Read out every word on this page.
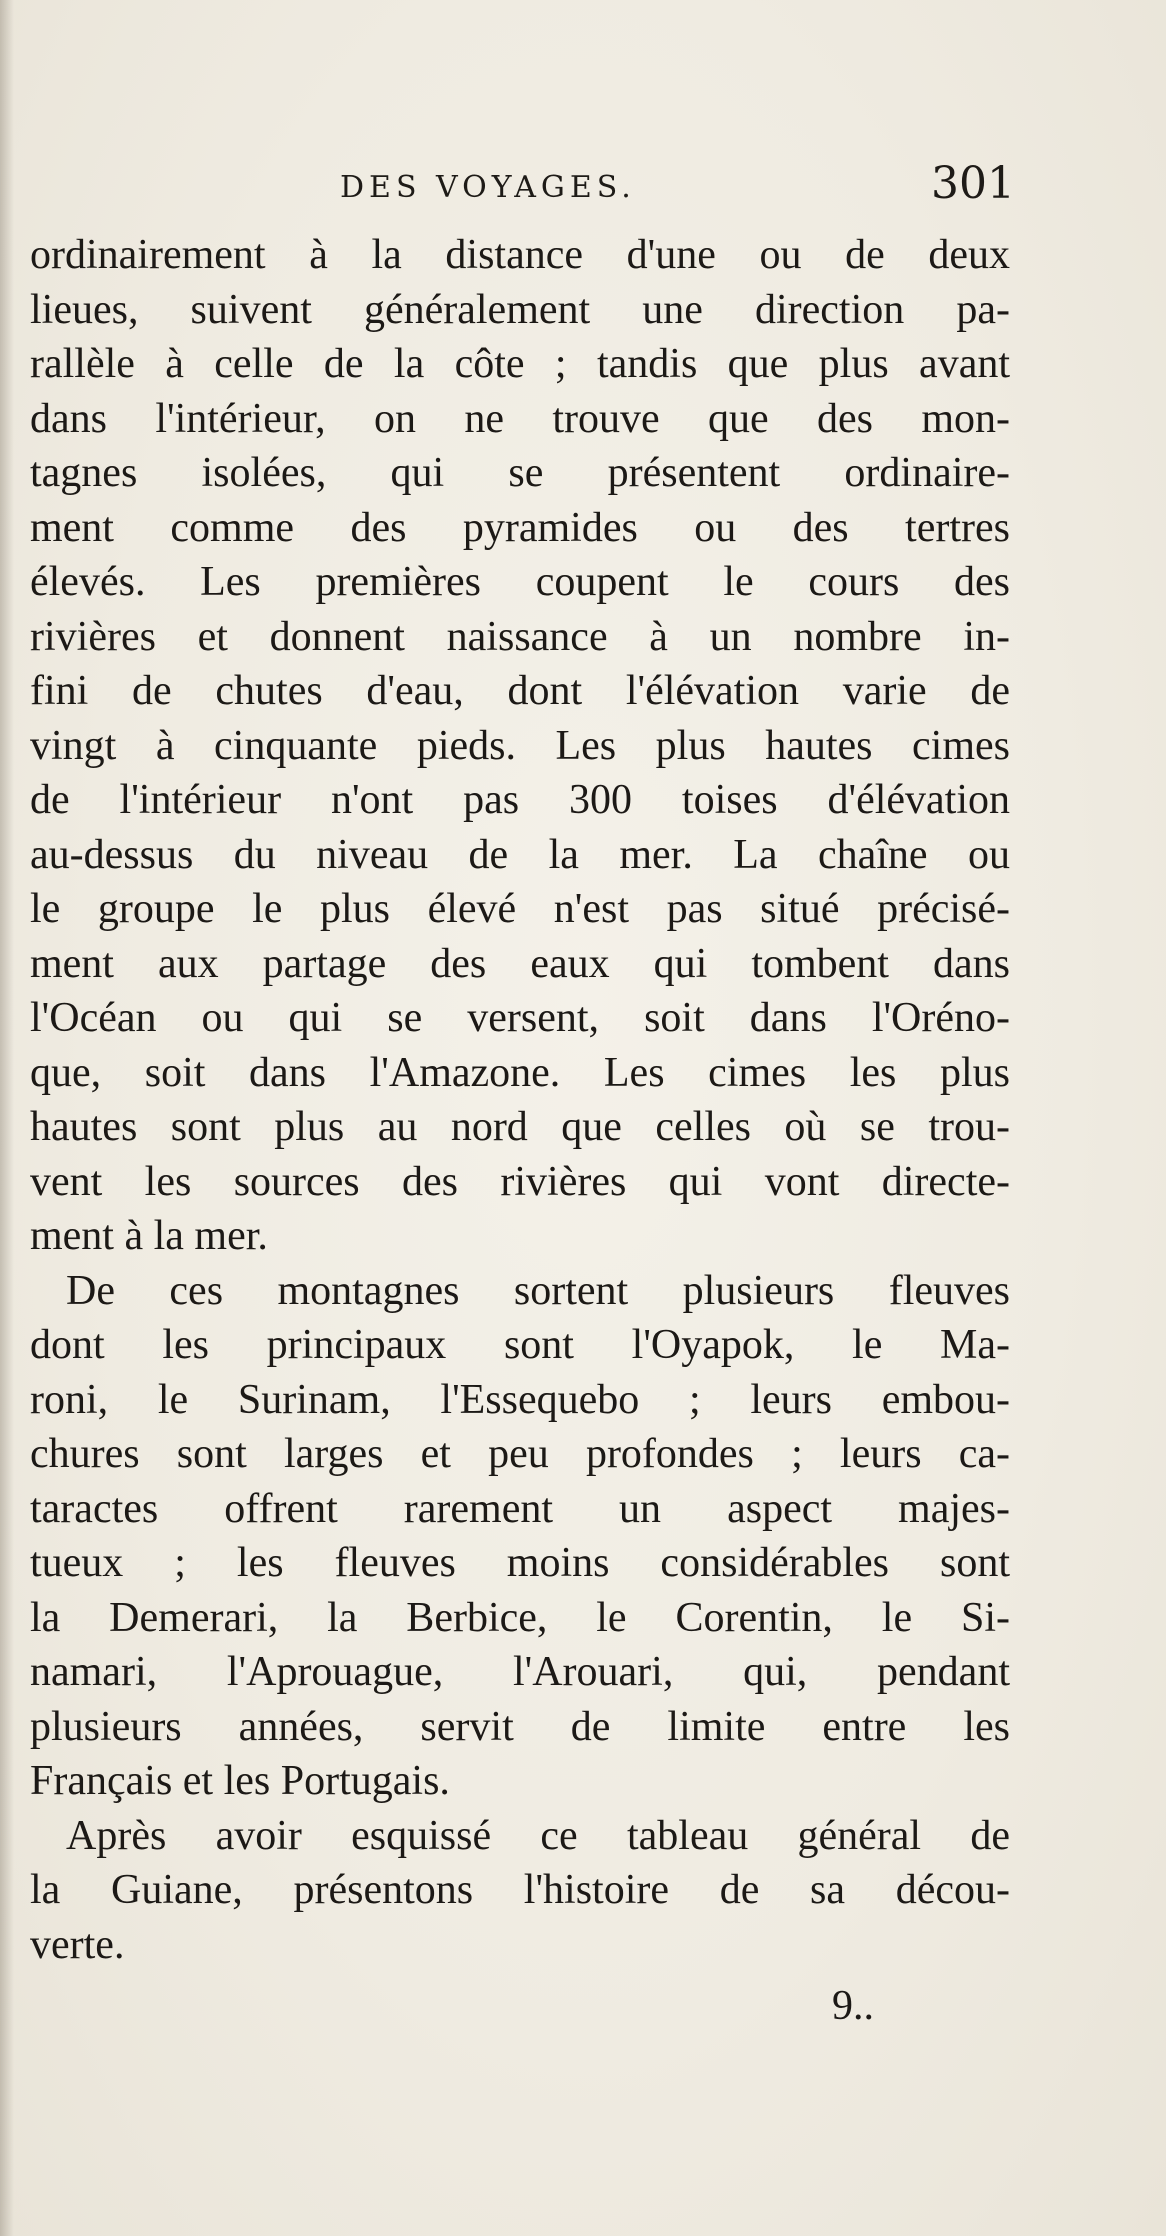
DES VOYAGES.	301
ordinairement à la distance d'une ou de deux
lieues, suivent généralement une direction pa-
rallèle à celle de la côte ; tandis que plus avant
dans l'intérieur, on ne trouve que des mon-
tagnes isolées, qui se présentent ordinaire-
ment comme des pyramides ou des tertres
élevés. Les premières coupent le cours des
rivières et donnent naissance à un nombre in-
fini de chutes d'eau, dont l'élévation varie de
vingt à cinquante pieds. Les plus hautes cimes
de l'intérieur n'ont pas 300 toises d'élévation
au-dessus du niveau de la mer. La chaîne ou
le groupe le plus élevé n'est pas situé précisé-
ment aux partage des eaux qui tombent dans
l'Océan ou qui se versent, soit dans l'Oréno-
que, soit dans l'Amazone. Les cimes les plus
hautes sont plus au nord que celles où se trou-
vent les sources des rivières qui vont directe-
ment à la mer.
De ces montagnes sortent plusieurs fleuves
dont les principaux sont l'Oyapok, le Ma-
roni, le Surinam, l'Essequebo ; leurs embou-
chures sont larges et peu profondes ; leurs ca-
taractes offrent rarement un aspect majes-
tueux ; les fleuves moins considérables sont
la Demerari, la Berbice, le Corentin, le Si-
namari, l'Aprouague, l'Arouari, qui, pendant
plusieurs années, servit de limite entre les
Français et les Portugais.
Après avoir esquissé ce tableau général de
la Guiane, présentons l'histoire de sa décou-
verte.
9..
